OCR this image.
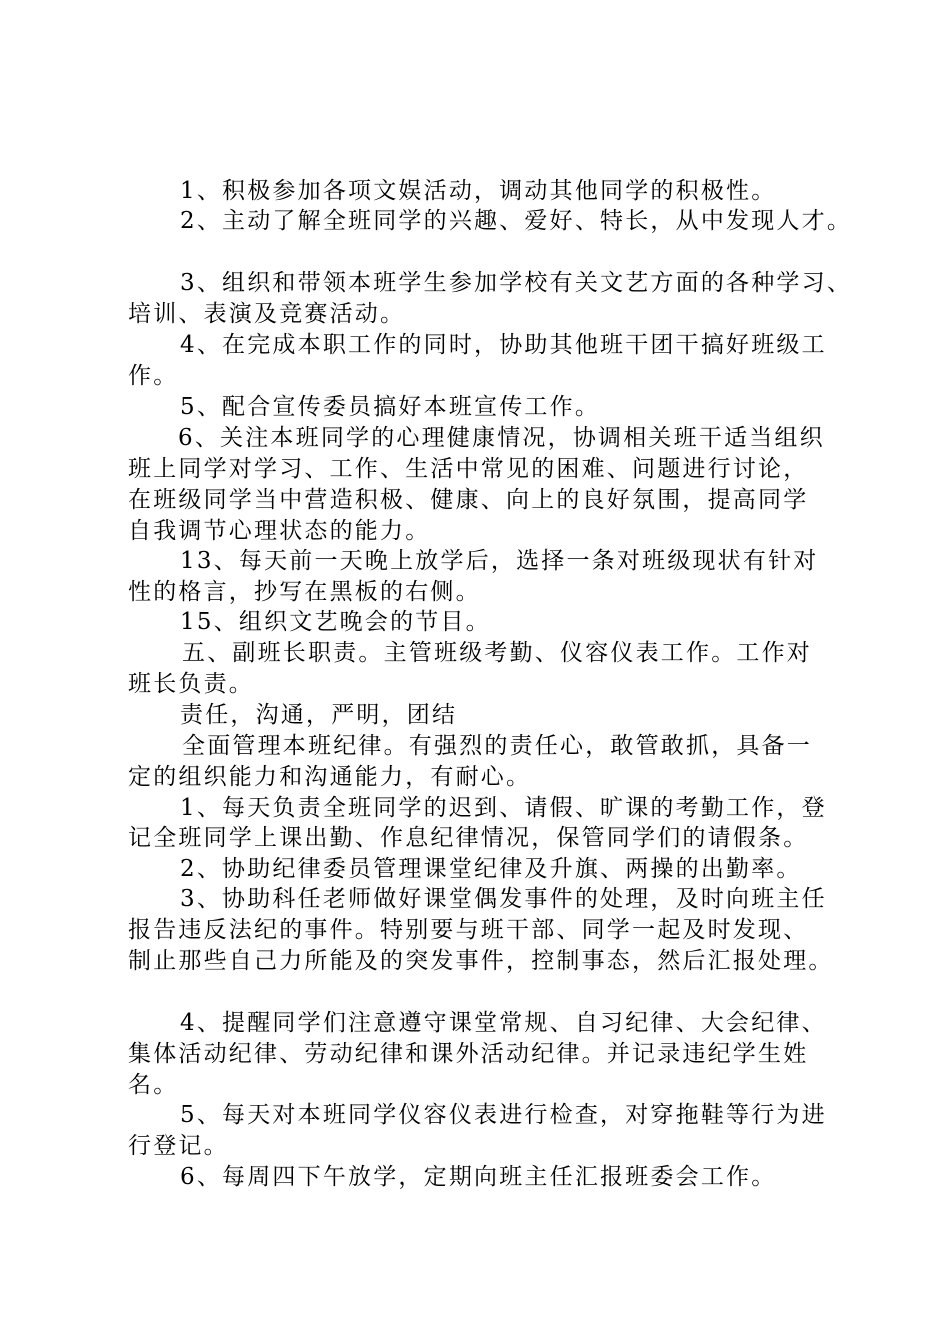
1、积极参加各项文娱活动，调动其他同学的积极性。

2、主动了解全班同学的兴趣、爱好、特长，从中发现人才。

3、组织和带领本班学生参加学校有关文艺方面的各种学习、

培训、表演及竞赛活动。

4、在完成本职工作的同时，协助其他班干团干搞好班级工

作。

5、配合宣传委员搞好本班宣传工作。

6、关注本班同学的心理健康情况，协调相关班干适当组织

班上同学对学习、工作、生活中常见的困难、问题进行讨论，

在班级同学当中营造积极、健康、向上的良好氛围，提高同学

自我调节心理状态的能力。

13、每天前一天晚上放学后，选择一条对班级现状有针对

性的格言，抄写在黑板的右侧。

15、组织文艺晚会的节目。

五、副班长职责。主管班级考勤、仪容仪表工作。工作对

班长负责。

责任，沟通，严明，团结

全面管理本班纪律。有强烈的责任心，敢管敢抓，具备一

定的组织能力和沟通能力，有耐心。

1、每天负责全班同学的迟到、请假、旷课的考勤工作，登

记全班同学上课出勤、作息纪律情况，保管同学们的请假条。

2、协助纪律委员管理课堂纪律及升旗、两操的出勤率。

3、协助科任老师做好课堂偶发事件的处理，及时向班主任

报告违反法纪的事件。特别要与班干部、同学一起及时发现、

制止那些自己力所能及的突发事件，控制事态，然后汇报处理。

4、提醒同学们注意遵守课堂常规、自习纪律、大会纪律、

集体活动纪律、劳动纪律和课外活动纪律。并记录违纪学生姓

名。

5、每天对本班同学仪容仪表进行检查，对穿拖鞋等行为进

行登记。

6、每周四下午放学，定期向班主任汇报班委会工作。
